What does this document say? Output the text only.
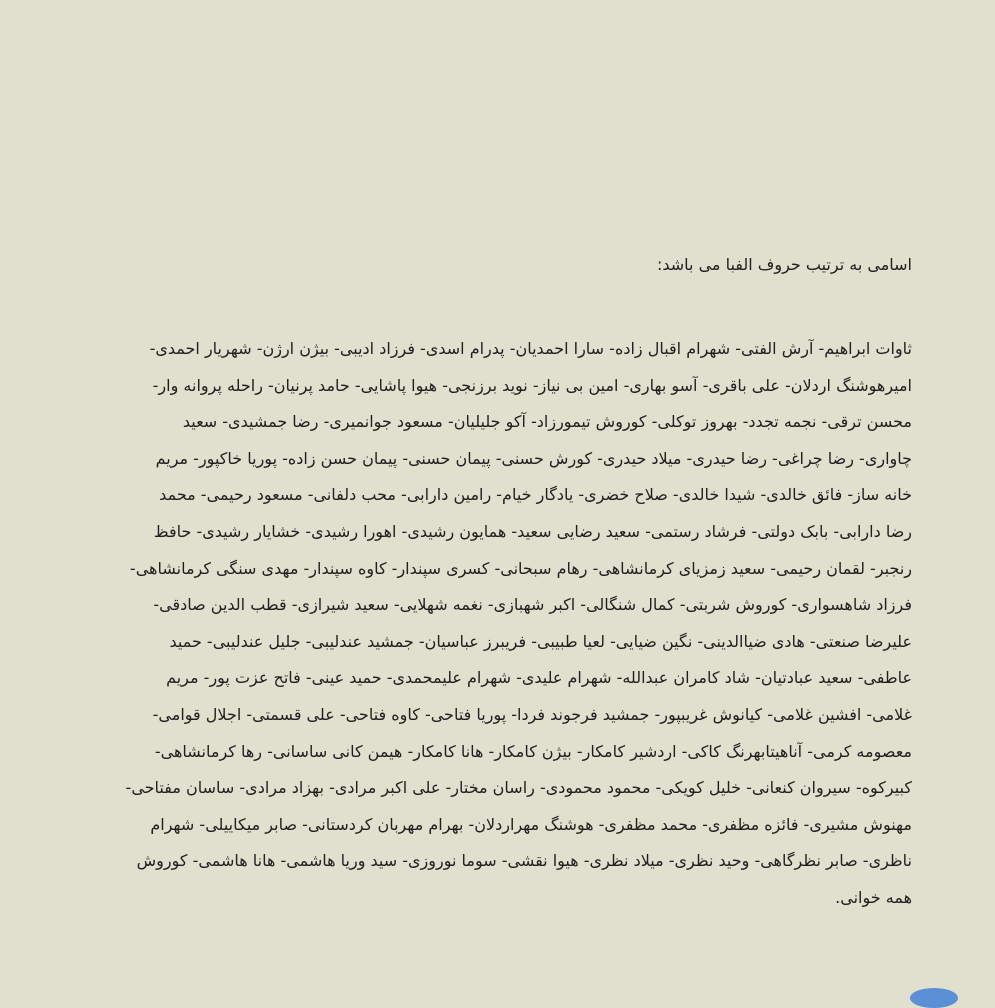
اسامی به ترتیب حروف الفبا می باشد:
ثاوات ابراهیم- آرش الفتی- شهرام اقبال زاده- سارا احمدیان- پدرام اسدی- فرزاد ادیبی- بیژن ارژن- شهریار احمدی-
امیرهوشنگ اردلان- علی باقری- آسو بهاری- امین بی نیاز- نوید برزنجی- هیوا پاشایی- حامد پرنیان- راحله پروانه وار-
محسن ترقی- نجمه تجدد- بهروز توکلی- کوروش تیمورزاد- آکو جلیلیان- مسعود جوانمیری- رضا جمشیدی- سعید
چاواری- رضا چراغی- رضا حیدری- میلاد حیدری- کورش حسنی- پیمان حسنی- پیمان حسن زاده- پوریا خاکپور- مریم
خانه ساز- فائق خالدی- شیدا خالدی- صلاح خضری- یادگار خیام- رامین دارابی- محب دلفانی- مسعود رحیمی- محمد
رضا دارابی- بابک دولتی- فرشاد رستمی- سعید رضایی سعید- همایون رشیدی- اهورا رشیدی- خشایار رشیدی- حافظ
رنجبر- لقمان رحیمی- سعید زمزیای کرمانشاهی- رهام سبحانی- کسری سپندار- کاوه سپندار- مهدی سنگی کرمانشاهی-
فرزاد شاهسواری- کوروش شربتی- کمال شنگالی- اکبر شهبازی- نغمه شهلایی- سعید شیرازی- قطب الدین صادقی-
علیرضا صنعتی- هادی ضیاالدینی- نگین ضیایی- لعیا طبیبی- فریبرز عباسیان- جمشید عندلیبی- جلیل عندلیبی- حمید
عاطفی- سعید عبادتیان- شاد کامران عبدالله- شهرام علیدی- شهرام علیمحمدی- حمید عینی- فاتح عزت پور- مریم
غلامی- افشین غلامی- کیانوش غریبپور- جمشید فرجوند فردا- پوریا فتاحی- کاوه فتاحی- علی قسمتی- اجلال قوامی-
معصومه کرمی- آناهیتابهرنگ کاکی- اردشیر کامکار- بیژن کامکار- هانا کامکار- هیمن کانی ساسانی- رها کرمانشاهی-
کبیرکوه- سیروان کنعانی- خلیل کویکی- محمود محمودی- راسان مختار- علی اکبر مرادی- بهزاد مرادی- ساسان مفتاحی-
مهنوش مشیری- فائزه مظفری- محمد مظفری- هوشنگ مهراردلان- بهرام مهربان کردستانی- صابر میکاییلی- شهرام
ناظری- صابر نظرگاهی- وحید نظری- میلاد نظری- هیوا نقشی- سوما نوروزی- سید وریا هاشمی- هانا هاشمی- کوروش
همه خوانی.
